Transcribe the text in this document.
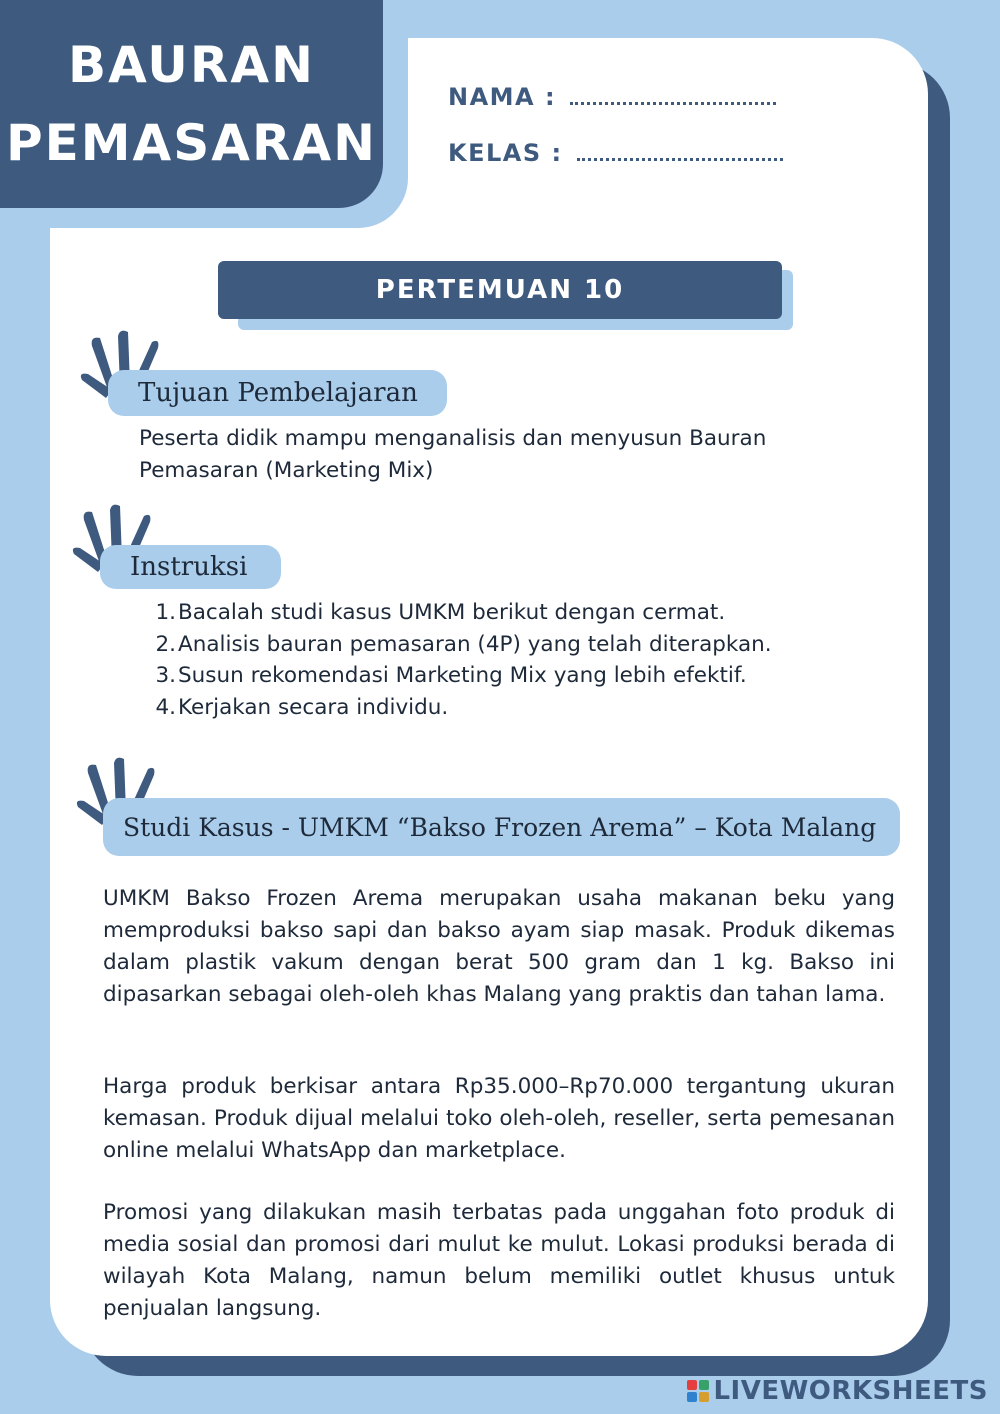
BAURAN
PEMASARAN
NAMA :
KELAS :
PERTEMUAN 10
Tujuan Pembelajaran
Peserta didik mampu menganalisis dan menyusun Bauran
Pemasaran (Marketing Mix)
Instruksi
1. Bacalah studi kasus UMKM berikut dengan cermat.
2. Analisis bauran pemasaran (4P) yang telah diterapkan.
3. Susun rekomendasi Marketing Mix yang lebih efektif.
4. Kerjakan secara individu.
Studi Kasus - UMKM “Bakso Frozen Arema” – Kota Malang
UMKM Bakso Frozen Arema merupakan usaha makanan beku yang memproduksi bakso sapi dan bakso ayam siap masak. Produk dikemas dalam plastik vakum dengan berat 500 gram dan 1 kg. Bakso ini dipasarkan sebagai oleh-oleh khas Malang yang praktis dan tahan lama.
Harga produk berkisar antara Rp35.000–Rp70.000 tergantung ukuran kemasan. Produk dijual melalui toko oleh-oleh, reseller, serta pemesanan online melalui WhatsApp dan marketplace.
Promosi yang dilakukan masih terbatas pada unggahan foto produk di media sosial dan promosi dari mulut ke mulut. Lokasi produksi berada di wilayah Kota Malang, namun belum memiliki outlet khusus untuk penjualan langsung.
LIVEWORKSHEETS
